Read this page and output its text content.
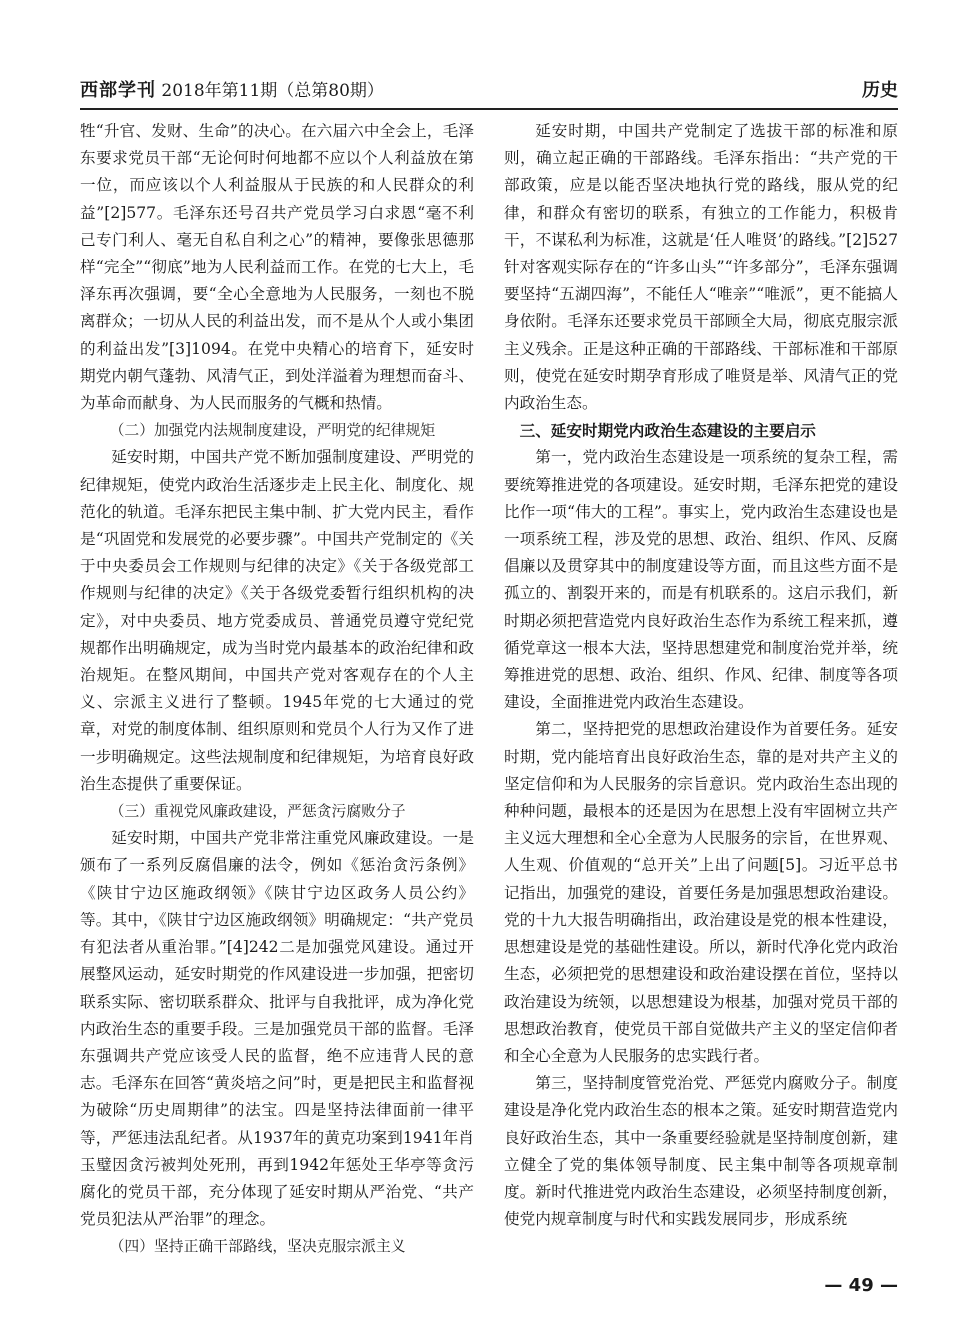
西部学刊 2018年第11期（总第80期）	历史

牲“升官、发财、生命”的决心。在六届六中全会上，毛泽东要求党员干部“无论何时何地都不应以个人利益放在第一位，而应该以个人利益服从于民族的和人民群众的利益”[2]577。毛泽东还号召共产党员学习白求恩“毫不利己专门利人、毫无自私自利之心”的精神，要像张思德那样“完全”“彻底”地为人民利益而工作。在党的七大上，毛泽东再次强调，要“全心全意地为人民服务，一刻也不脱离群众；一切从人民的利益出发，而不是从个人或小集团的利益出发”[3]1094。在党中央精心的培育下，延安时期党内朝气蓬勃、风清气正，到处洋溢着为理想而奋斗、为革命而献身、为人民而服务的气概和热情。

（二）加强党内法规制度建设，严明党的纪律规矩

延安时期，中国共产党不断加强制度建设、严明党的纪律规矩，使党内政治生活逐步走上民主化、制度化、规范化的轨道。毛泽东把民主集中制、扩大党内民主，看作是“巩固党和发展党的必要步骤”。中国共产党制定的《关于中央委员会工作规则与纪律的决定》《关于各级党部工作规则与纪律的决定》《关于各级党委暂行组织机构的决定》，对中央委员、地方党委成员、普通党员遵守党纪党规都作出明确规定，成为当时党内最基本的政治纪律和政治规矩。在整风期间，中国共产党对客观存在的个人主义、宗派主义进行了整顿。1945年党的七大通过的党章，对党的制度体制、组织原则和党员个人行为又作了进一步明确规定。这些法规制度和纪律规矩，为培育良好政治生态提供了重要保证。

（三）重视党风廉政建设，严惩贪污腐败分子

延安时期，中国共产党非常注重党风廉政建设。一是颁布了一系列反腐倡廉的法令，例如《惩治贪污条例》《陕甘宁边区施政纲领》《陕甘宁边区政务人员公约》等。其中，《陕甘宁边区施政纲领》明确规定：“共产党员有犯法者从重治罪。”[4]242二是加强党风建设。通过开展整风运动，延安时期党的作风建设进一步加强，把密切联系实际、密切联系群众、批评与自我批评，成为净化党内政治生态的重要手段。三是加强党员干部的监督。毛泽东强调共产党应该受人民的监督，绝不应违背人民的意志。毛泽东在回答“黄炎培之问”时，更是把民主和监督视为破除“历史周期律”的法宝。四是坚持法律面前一律平等，严惩违法乱纪者。从1937年的黄克功案到1941年肖玉璧因贪污被判处死刑，再到1942年惩处王华亭等贪污腐化的党员干部，充分体现了延安时期从严治党、“共产党员犯法从严治罪”的理念。

（四）坚持正确干部路线，坚决克服宗派主义

延安时期，中国共产党制定了选拔干部的标准和原则，确立起正确的干部路线。毛泽东指出：“共产党的干部政策，应是以能否坚决地执行党的路线，服从党的纪律，和群众有密切的联系，有独立的工作能力，积极肯干，不谋私利为标准，这就是‘任人唯贤’的路线。”[2]527针对客观实际存在的“许多山头”“许多部分”，毛泽东强调要坚持“五湖四海”，不能任人“唯亲”“唯派”，更不能搞人身依附。毛泽东还要求党员干部顾全大局，彻底克服宗派主义残余。正是这种正确的干部路线、干部标准和干部原则，使党在延安时期孕育形成了唯贤是举、风清气正的党内政治生态。

三、延安时期党内政治生态建设的主要启示

第一，党内政治生态建设是一项系统的复杂工程，需要统筹推进党的各项建设。延安时期，毛泽东把党的建设比作一项“伟大的工程”。事实上，党内政治生态建设也是一项系统工程，涉及党的思想、政治、组织、作风、反腐倡廉以及贯穿其中的制度建设等方面，而且这些方面不是孤立的、割裂开来的，而是有机联系的。这启示我们，新时期必须把营造党内良好政治生态作为系统工程来抓，遵循党章这一根本大法，坚持思想建党和制度治党并举，统筹推进党的思想、政治、组织、作风、纪律、制度等各项建设，全面推进党内政治生态建设。

第二，坚持把党的思想政治建设作为首要任务。延安时期，党内能培育出良好政治生态，靠的是对共产主义的坚定信仰和为人民服务的宗旨意识。党内政治生态出现的种种问题，最根本的还是因为在思想上没有牢固树立共产主义远大理想和全心全意为人民服务的宗旨，在世界观、人生观、价值观的“总开关”上出了问题[5]。习近平总书记指出，加强党的建设，首要任务是加强思想政治建设。党的十九大报告明确指出，政治建设是党的根本性建设，思想建设是党的基础性建设。所以，新时代净化党内政治生态，必须把党的思想建设和政治建设摆在首位，坚持以政治建设为统领，以思想建设为根基，加强对党员干部的思想政治教育，使党员干部自觉做共产主义的坚定信仰者和全心全意为人民服务的忠实践行者。

第三，坚持制度管党治党、严惩党内腐败分子。制度建设是净化党内政治生态的根本之策。延安时期营造党内良好政治生态，其中一条重要经验就是坚持制度创新，建立健全了党的集体领导制度、民主集中制等各项规章制度。新时代推进党内政治生态建设，必须坚持制度创新，使党内规章制度与时代和实践发展同步，形成系统

— 49 —
